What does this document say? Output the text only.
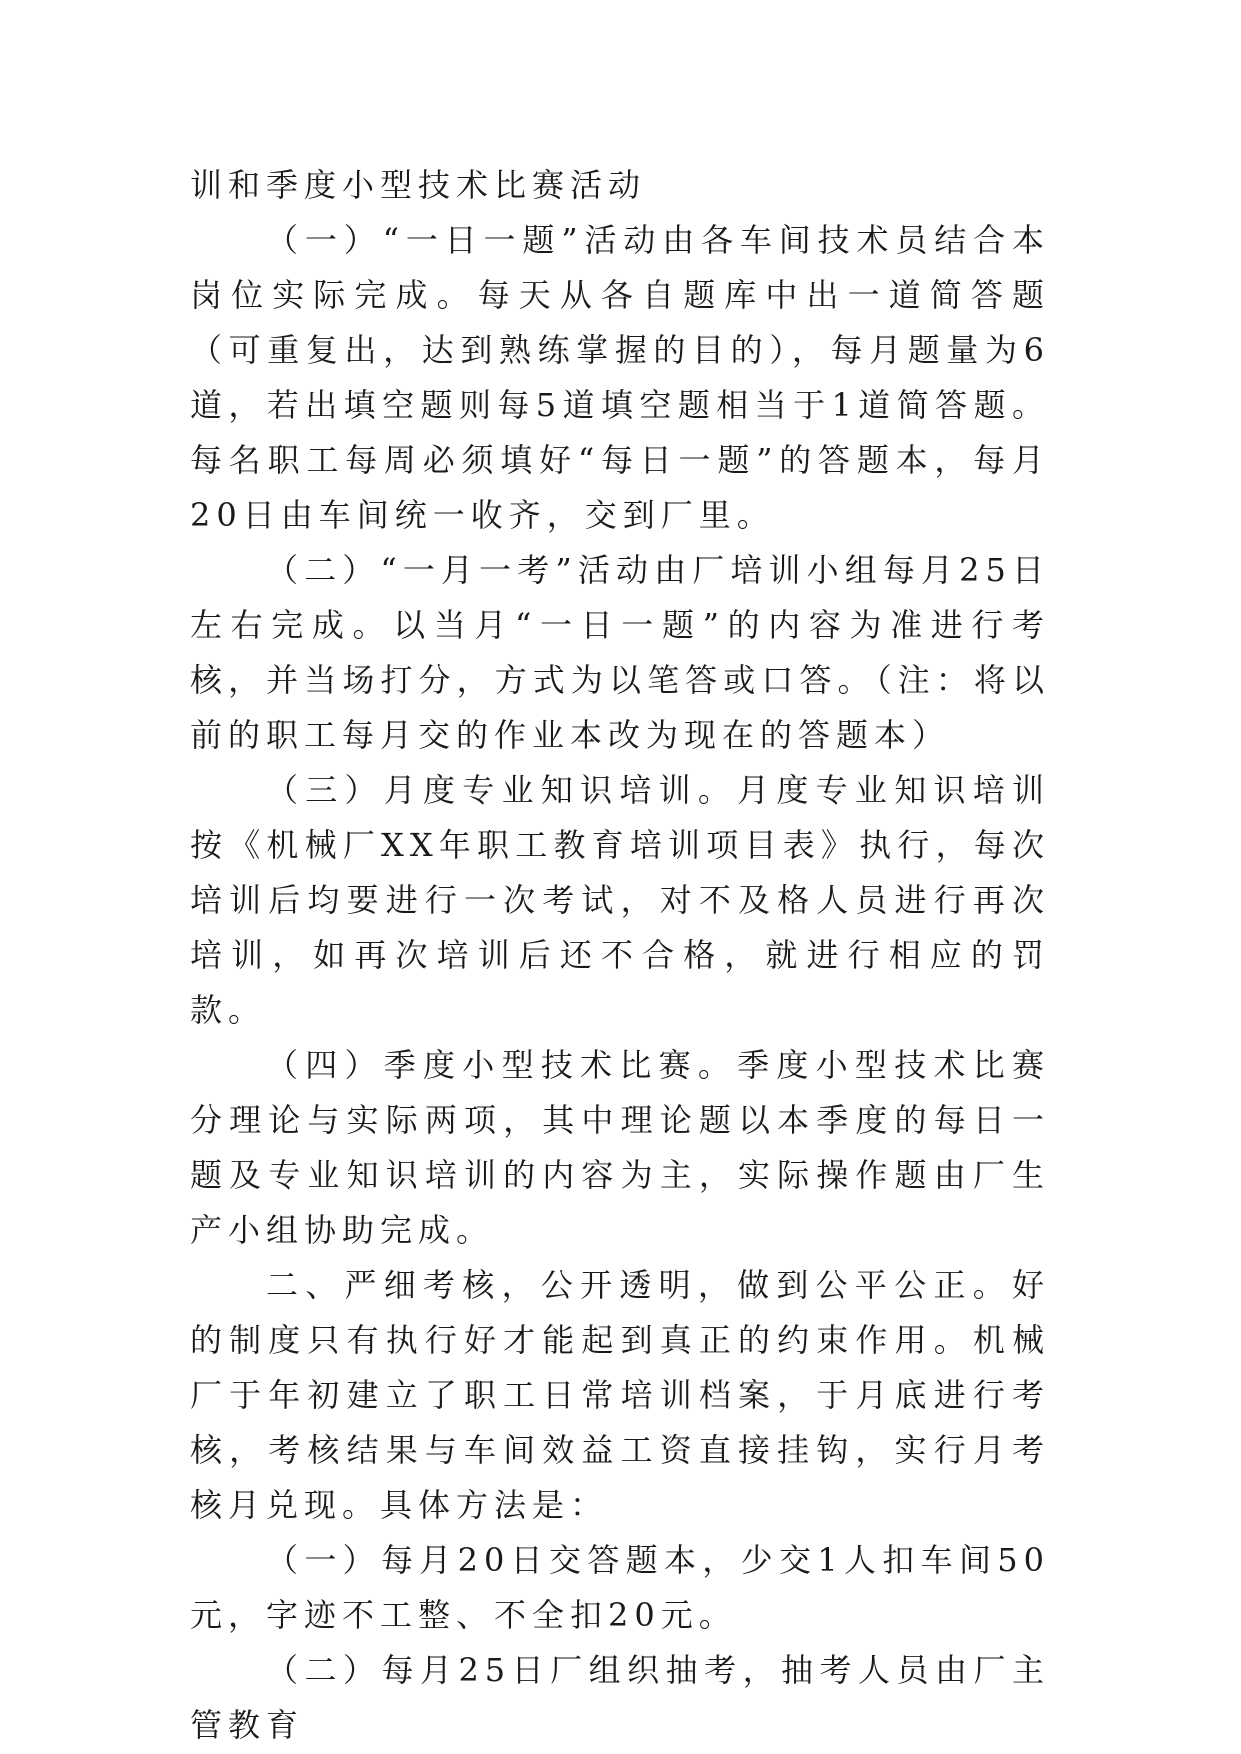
训和季度小型技术比赛活动

（一）“一日一题”活动由各车间技术员结合本岗位实际完成。每天从各自题库中出一道简答题（可重复出，达到熟练掌握的目的），每月题量为6道，若出填空题则每5道填空题相当于1道简答题。每名职工每周必须填好“每日一题”的答题本，每月20日由车间统一收齐，交到厂里。

（二）“一月一考”活动由厂培训小组每月25日左右完成。以当月“一日一题”的内容为准进行考核，并当场打分，方式为以笔答或口答。（注：将以前的职工每月交的作业本改为现在的答题本）

（三）月度专业知识培训。月度专业知识培训按《机械厂XX年职工教育培训项目表》执行，每次培训后均要进行一次考试，对不及格人员进行再次培训，如再次培训后还不合格，就进行相应的罚款。

（四）季度小型技术比赛。季度小型技术比赛分理论与实际两项，其中理论题以本季度的每日一题及专业知识培训的内容为主，实际操作题由厂生产小组协助完成。

二、严细考核，公开透明，做到公平公正。好的制度只有执行好才能起到真正的约束作用。机械厂于年初建立了职工日常培训档案，于月底进行考核，考核结果与车间效益工资直接挂钩，实行月考核月兑现。具体方法是：

（一）每月20日交答题本，少交1人扣车间50元，字迹不工整、不全扣20元。

（二）每月25日厂组织抽考，抽考人员由厂主管教育
